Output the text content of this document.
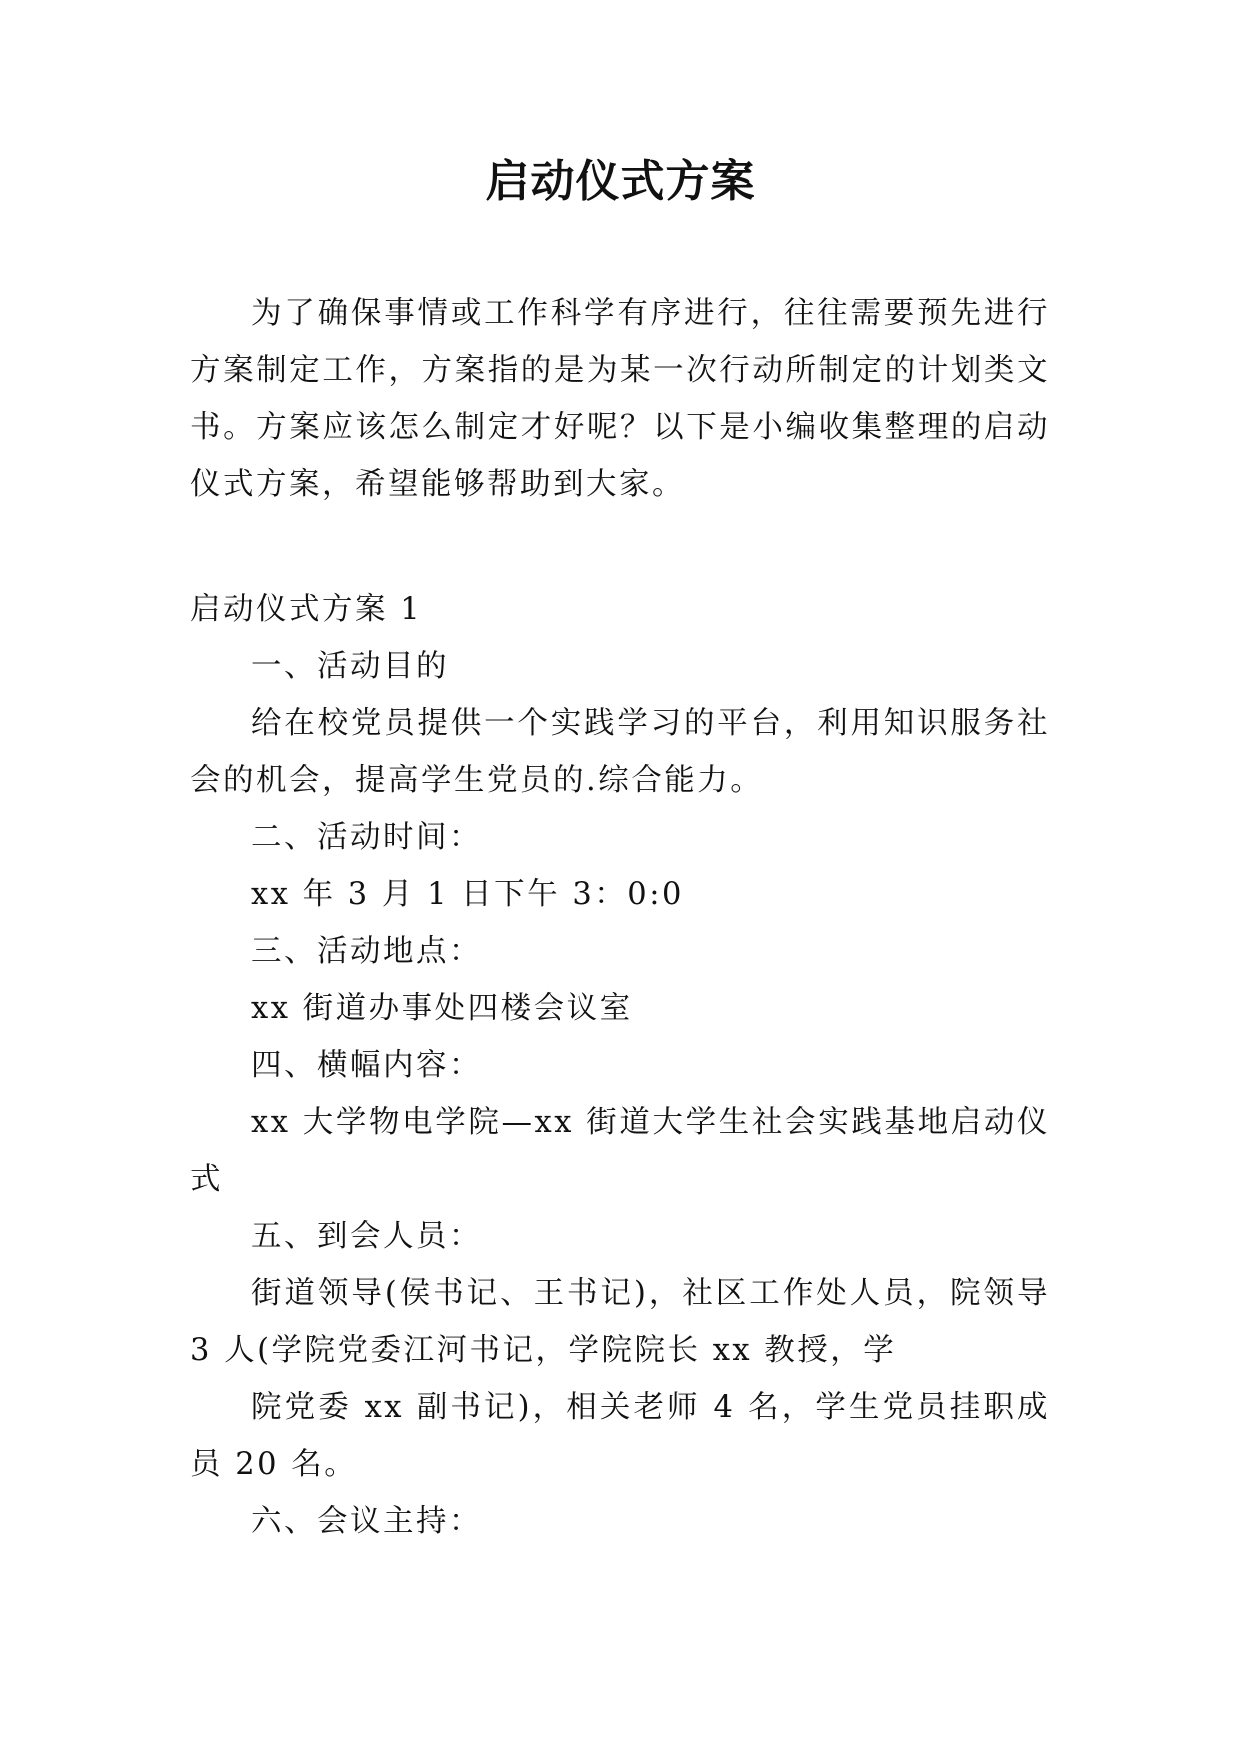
启动仪式方案

为了确保事情或工作科学有序进行，往往需要预先进行方案制定工作，方案指的是为某一次行动所制定的计划类文书。方案应该怎么制定才好呢？以下是小编收集整理的启动仪式方案，希望能够帮助到大家。

启动仪式方案 1

一、活动目的

给在校党员提供一个实践学习的平台，利用知识服务社会的机会，提高学生党员的.综合能力。

二、活动时间：

xx 年 3 月 1 日下午 3：0:0

三、活动地点：

xx 街道办事处四楼会议室

四、横幅内容：

xx 大学物电学院—xx 街道大学生社会实践基地启动仪式

五、到会人员：

街道领导(侯书记、王书记)，社区工作处人员，院领导 3 人(学院党委江河书记，学院院长 xx 教授，学

院党委 xx 副书记)，相关老师 4 名，学生党员挂职成员 20 名。

六、会议主持：
